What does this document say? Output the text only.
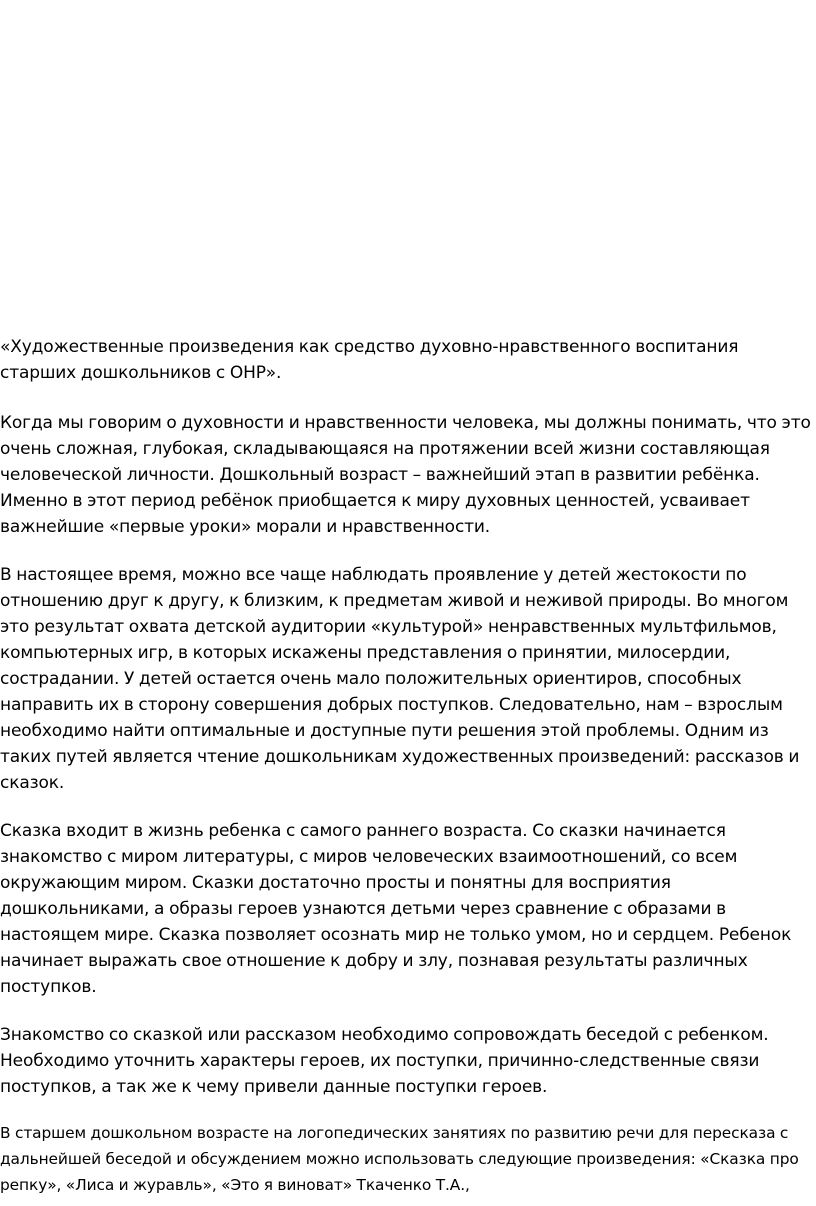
«Художественные произведения как средство духовно-нравственного воспитания старших дошкольников с ОНР».

Когда мы говорим о духовности и нравственности человека, мы должны понимать, что это очень сложная, глубокая, складывающаяся на протяжении всей жизни составляющая человеческой личности. Дошкольный возраст – важнейший этап в развитии ребёнка. Именно в этот период ребёнок приобщается к миру духовных ценностей, усваивает важнейшие «первые уроки» морали и нравственности.

В настоящее время, можно все чаще наблюдать проявление у детей жестокости по отношению друг к другу, к близким, к предметам живой и неживой природы. Во многом это результат охвата детской аудитории «культурой» ненравственных мультфильмов, компьютерных игр, в которых искажены представления о принятии, милосердии, сострадании. У детей остается очень мало положительных ориентиров, способных направить их в сторону совершения добрых поступков. Следовательно, нам – взрослым необходимо найти оптимальные и доступные пути решения этой проблемы. Одним из таких путей является чтение дошкольникам художественных произведений: рассказов и сказок.

Сказка входит в жизнь ребенка с самого раннего возраста. Со сказки начинается знакомство с миром литературы, с миров человеческих взаимоотношений, со всем окружающим миром. Сказки достаточно просты и понятны для восприятия дошкольниками, а образы героев узнаются детьми через сравнение с образами в настоящем мире. Сказка позволяет осознать мир не только умом, но и сердцем. Ребенок начинает выражать свое отношение к добру и злу, познавая результаты различных поступков.

Знакомство со сказкой или рассказом необходимо сопровождать беседой с ребенком. Необходимо уточнить характеры героев, их поступки, причинно-следственные связи поступков, а так же к чему привели данные поступки героев.

В старшем дошкольном возрасте на логопедических занятиях по развитию речи для пересказа с дальнейшей беседой и обсуждением можно использовать следующие произведения: «Сказка про репку», «Лиса и журавль», «Это я виноват» Ткаченко Т.А.,
